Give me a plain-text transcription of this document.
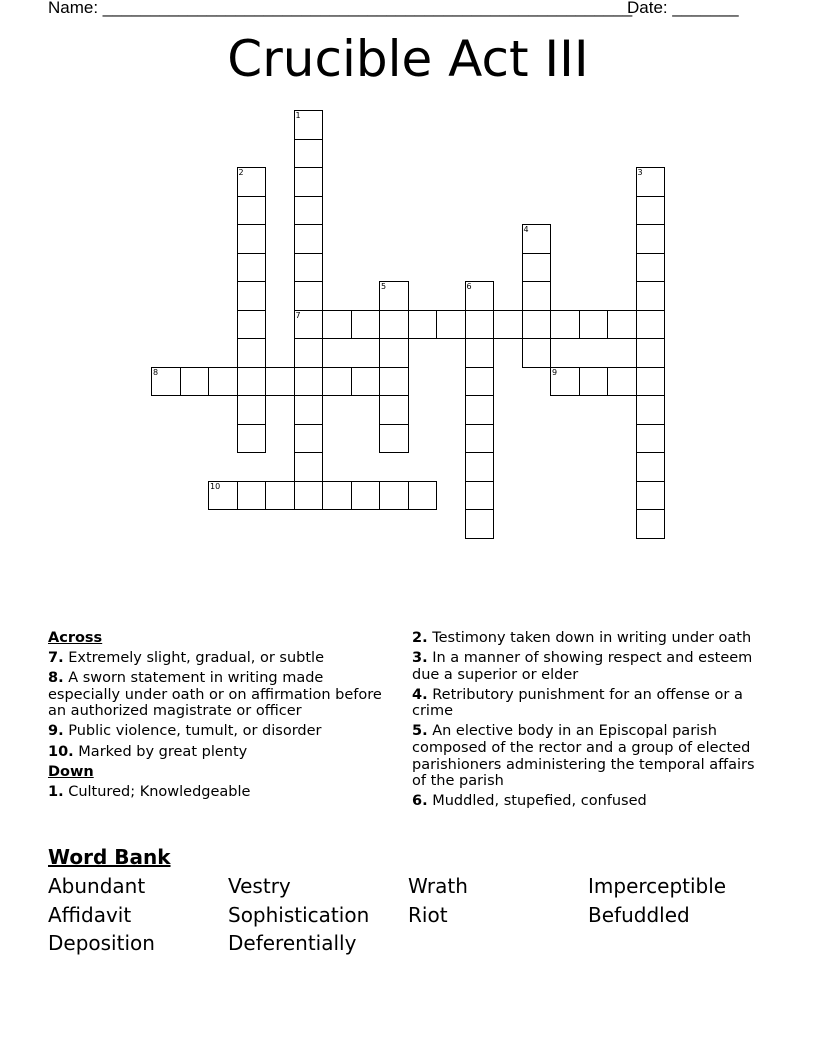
Name: ________________________________________________________
Date: _______
Crucible Act III
1
7
2	3
4
5	6
8	9
10
Across
7. Extremely slight, gradual, or subtle
8. A sworn statement in writing made especially under oath or on affirmation before an authorized magistrate or officer
9. Public violence, tumult, or disorder
10. Marked by great plenty
Down
1. Cultured; Knowledgeable
2. Testimony taken down in writing under oath
3. In a manner of showing respect and esteem due a superior or elder
4. Retributory punishment for an offense or a crime
5. An elective body in an Episcopal parish composed of the rector and a group of elected parishioners administering the temporal affairs of the parish
6. Muddled, stupefied, confused
Word Bank
Abundant	Vestry	Wrath	Imperceptible
Affidavit	Sophistication Riot	Befuddled
Deposition	Deferentially
